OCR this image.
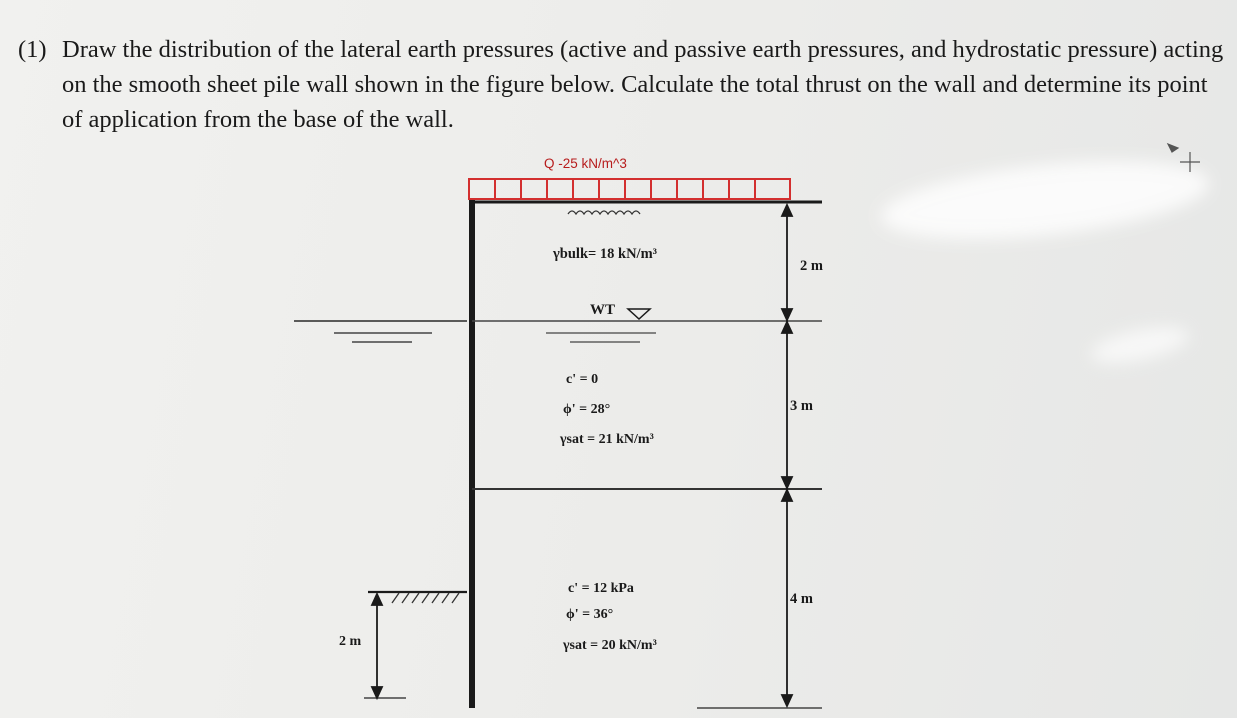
(1) Draw the distribution of the lateral earth pressures (active and passive earth pressures, and hydrostatic pressure) acting on the smooth sheet pile wall shown in the figure below. Calculate the total thrust on the wall and determine its point of application from the base of the wall.
Q -25 kN/m^3
γbulk= 18 kN/m³
WT
c' = 0
ϕ' = 28°
γsat = 21 kN/m³
c' = 12 kPa
ϕ' = 36°
γsat = 20 kN/m³
2 m
3 m
4 m
2 m
